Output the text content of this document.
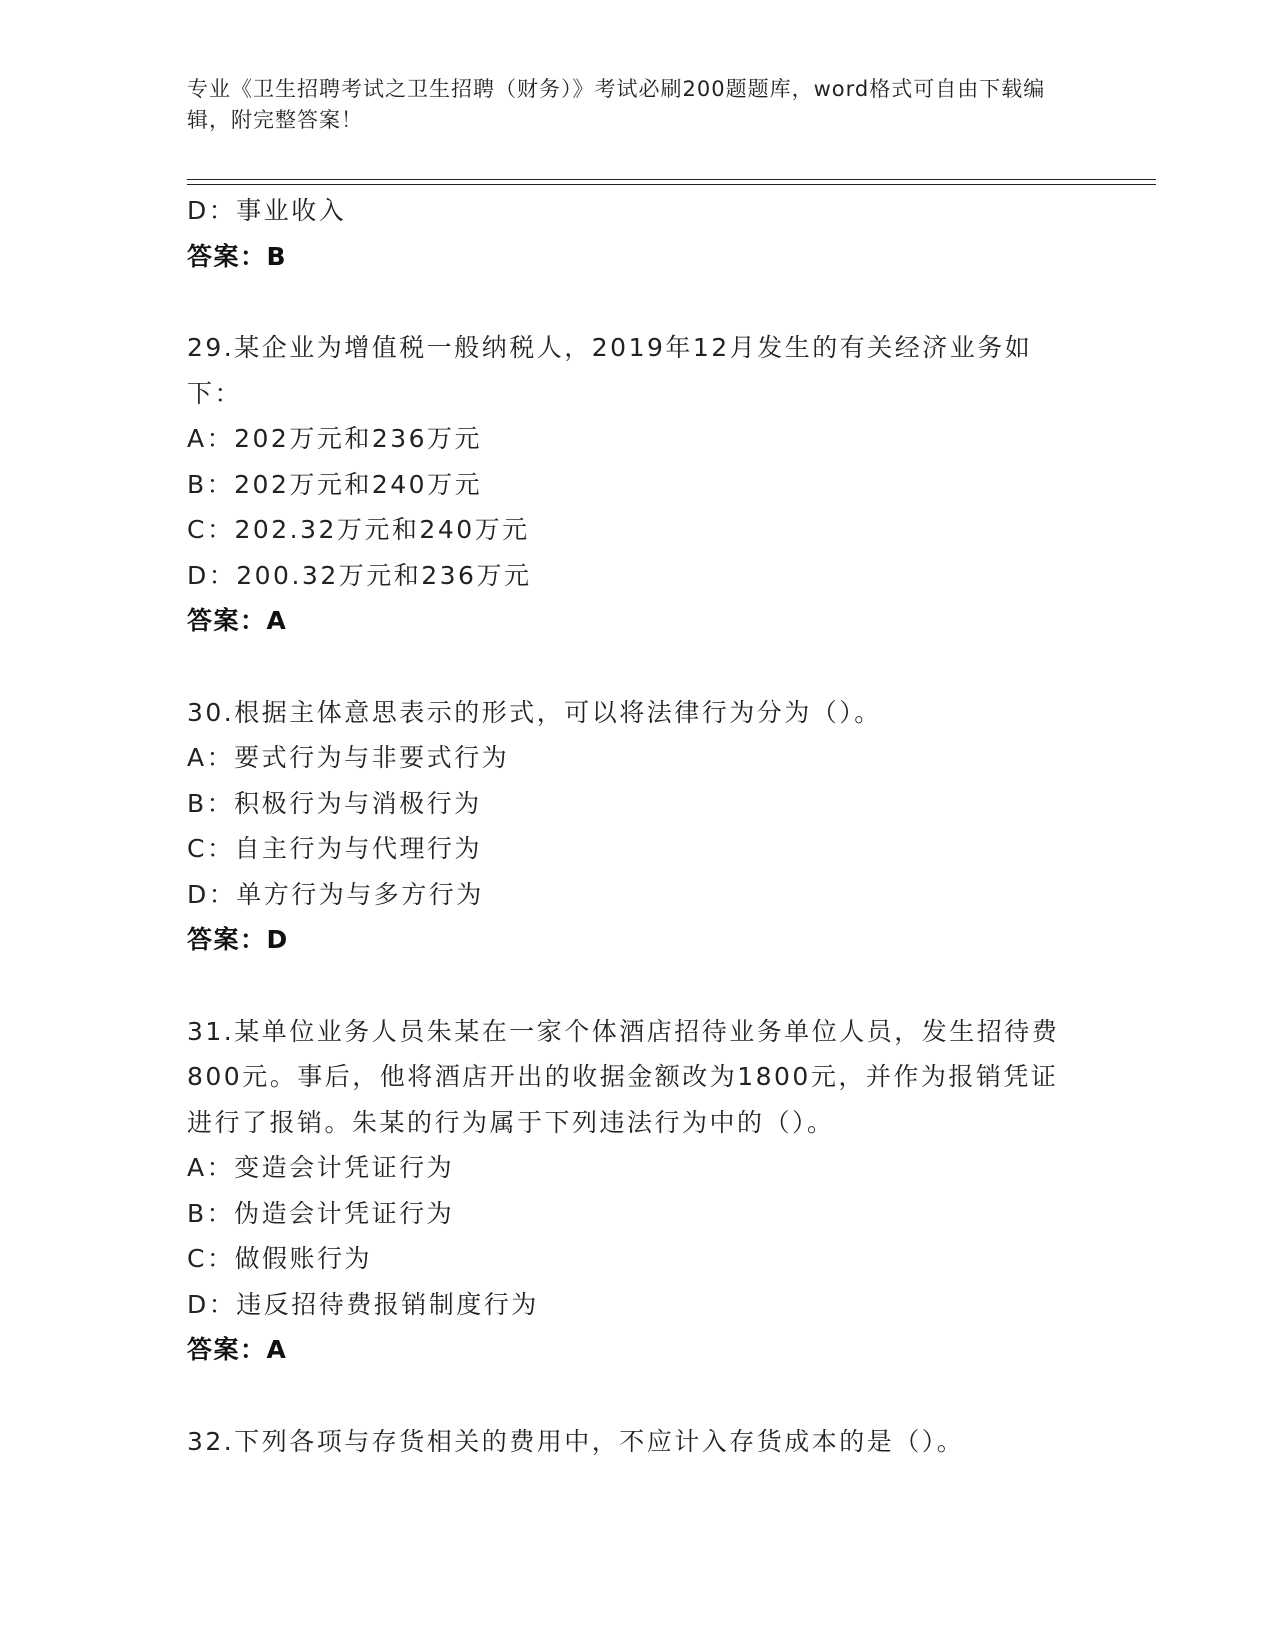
专业《卫生招聘考试之卫生招聘（财务）》考试必刷200题题库，word格式可自由下载编辑，附完整答案！
D：事业收入
答案：B
29.某企业为增值税一般纳税人，2019年12月发生的有关经济业务如下：
A：202万元和236万元
B：202万元和240万元
C：202.32万元和240万元
D：200.32万元和236万元
答案：A
30.根据主体意思表示的形式，可以将法律行为分为（）。
A：要式行为与非要式行为
B：积极行为与消极行为
C：自主行为与代理行为
D：单方行为与多方行为
答案：D
31.某单位业务人员朱某在一家个体酒店招待业务单位人员，发生招待费800元。事后，他将酒店开出的收据金额改为1800元，并作为报销凭证进行了报销。朱某的行为属于下列违法行为中的（）。
A：变造会计凭证行为
B：伪造会计凭证行为
C：做假账行为
D：违反招待费报销制度行为
答案：A
32.下列各项与存货相关的费用中，不应计入存货成本的是（）。
